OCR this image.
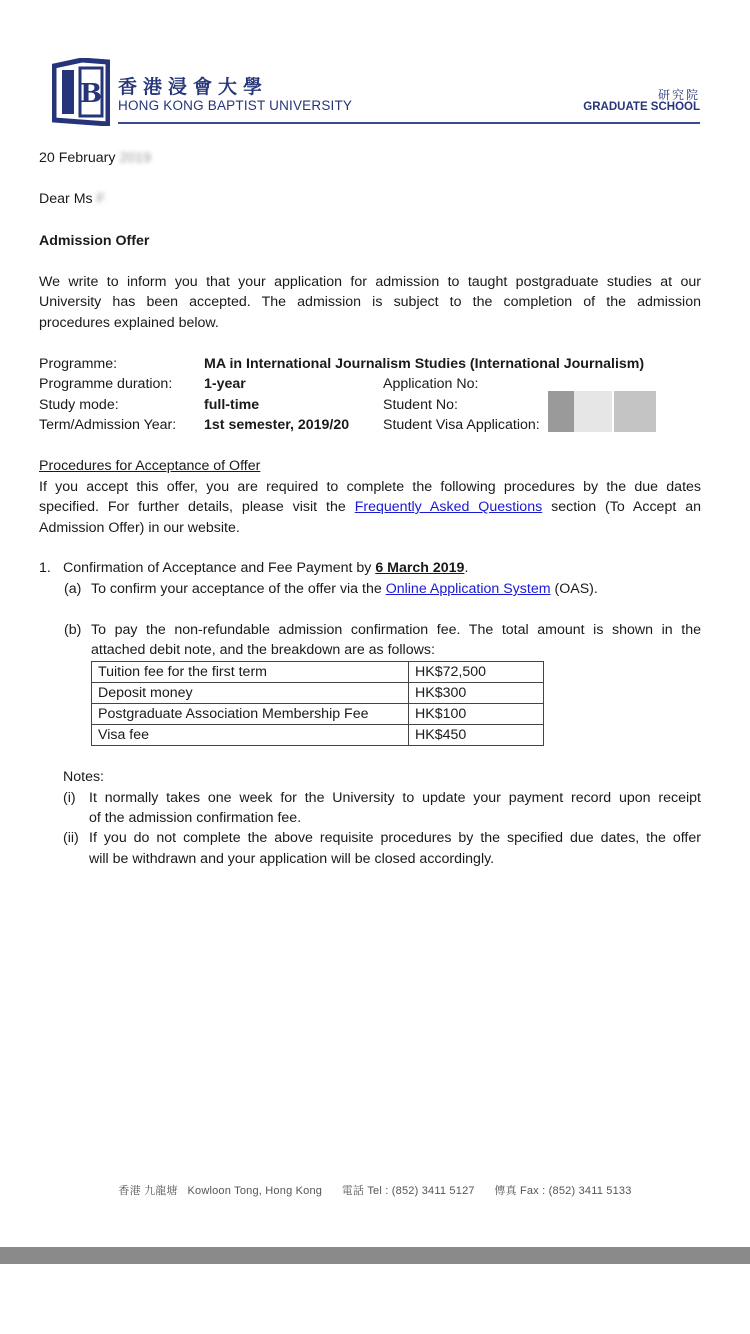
B 香港浸會大學
HONG KONG BAPTIST UNIVERSITY
研究院
GRADUATE SCHOOL
20 February 2019
Dear Ms F
Admission Offer
We write to inform you that your application for admission to taught postgraduate studies at our
University has been accepted. The admission is subject to the completion of the admission
procedures explained below.
Programme:	MA in International Journalism Studies (International Journalism)
Programme duration: 1-year	Application No:
Study mode:	full-time	Student No:
Term/Admission Year: 1st semester, 2019/20 Student Visa Application:
Procedures for Acceptance of Offer
If you accept this offer, you are required to complete the following procedures by the due dates
specified. For further details, please visit the Frequently Asked Questions section (To Accept an
Admission Offer) in our website.
1. Confirmation of Acceptance and Fee Payment by 6 March 2019.
(a) To confirm your acceptance of the offer via the Online Application System (OAS).
(b) To pay the non-refundable admission confirmation fee. The total amount is shown in the
attached debit note, and the breakdown are as follows:
Tuition fee for the first term	HK$72,500
Deposit money	HK$300
Postgraduate Association Membership Fee	HK$100
Visa fee	HK$450
Notes:
(i) It normally takes one week for the University to update your payment record upon receipt
of the admission confirmation fee.
(ii) If you do not complete the above requisite procedures by the specified due dates, the offer
will be withdrawn and your application will be closed accordingly.
香港 九龍塘 Kowloon Tong, Hong Kong 電話 Tel : (852) 3411 5127 傳真 Fax : (852) 3411 5133
